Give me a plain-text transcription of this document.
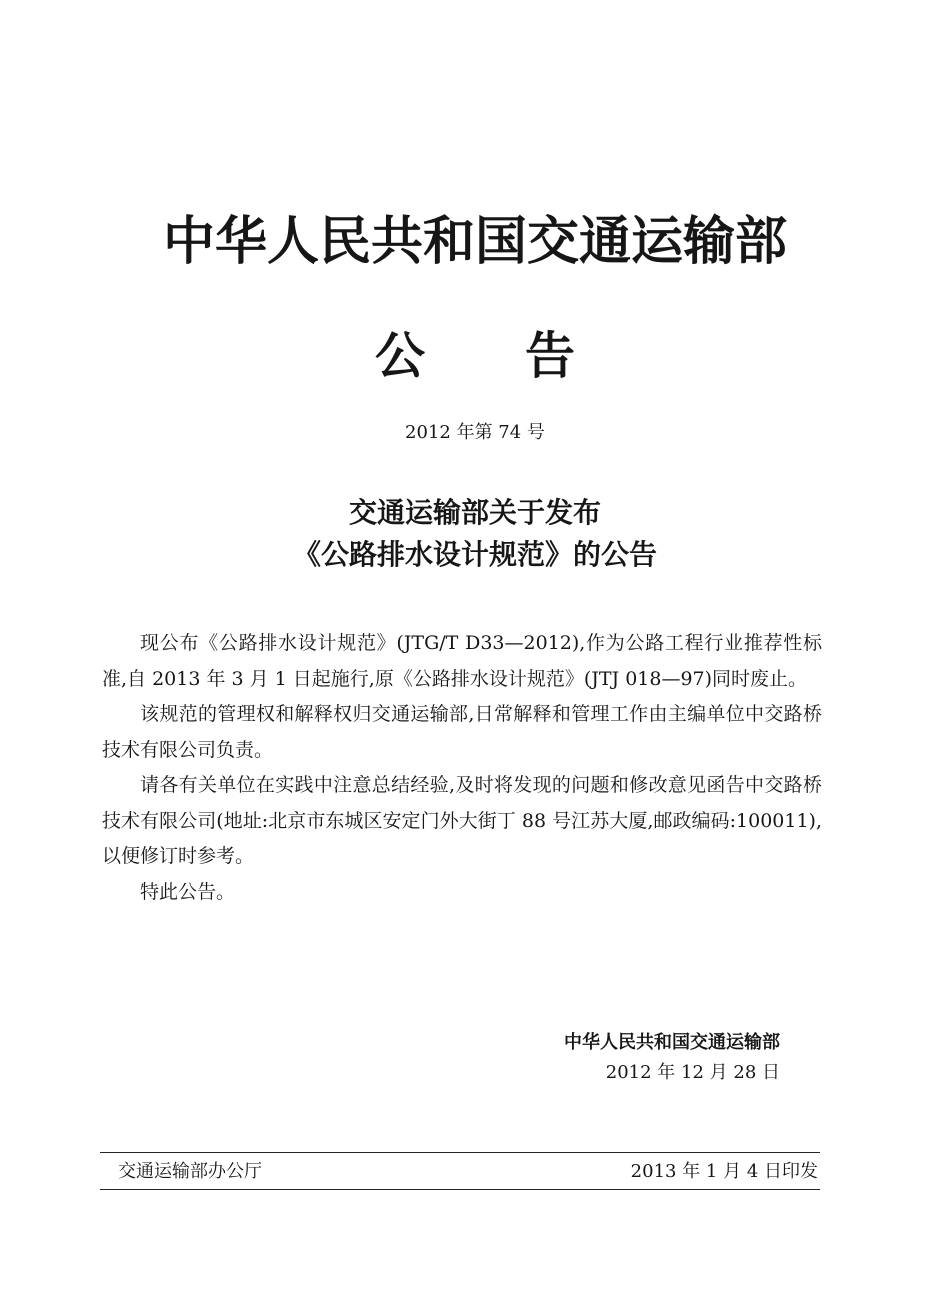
中华人民共和国交通运输部
公 告
2012 年第 74 号
交通运输部关于发布
《公路排水设计规范》的公告

现公布《公路排水设计规范》(JTG/T D33—2012),作为公路工程行业推荐性标准,自 2013 年 3 月 1 日起施行,原《公路排水设计规范》(JTJ 018—97)同时废止。

该规范的管理权和解释权归交通运输部,日常解释和管理工作由主编单位中交路桥技术有限公司负责。

请各有关单位在实践中注意总结经验,及时将发现的问题和修改意见函告中交路桥技术有限公司(地址:北京市东城区安定门外大街丁 88 号江苏大厦,邮政编码:100011),以便修订时参考。

特此公告。

中华人民共和国交通运输部
2012 年 12 月 28 日
交通运输部办公厅	2013 年 1 月 4 日印发
